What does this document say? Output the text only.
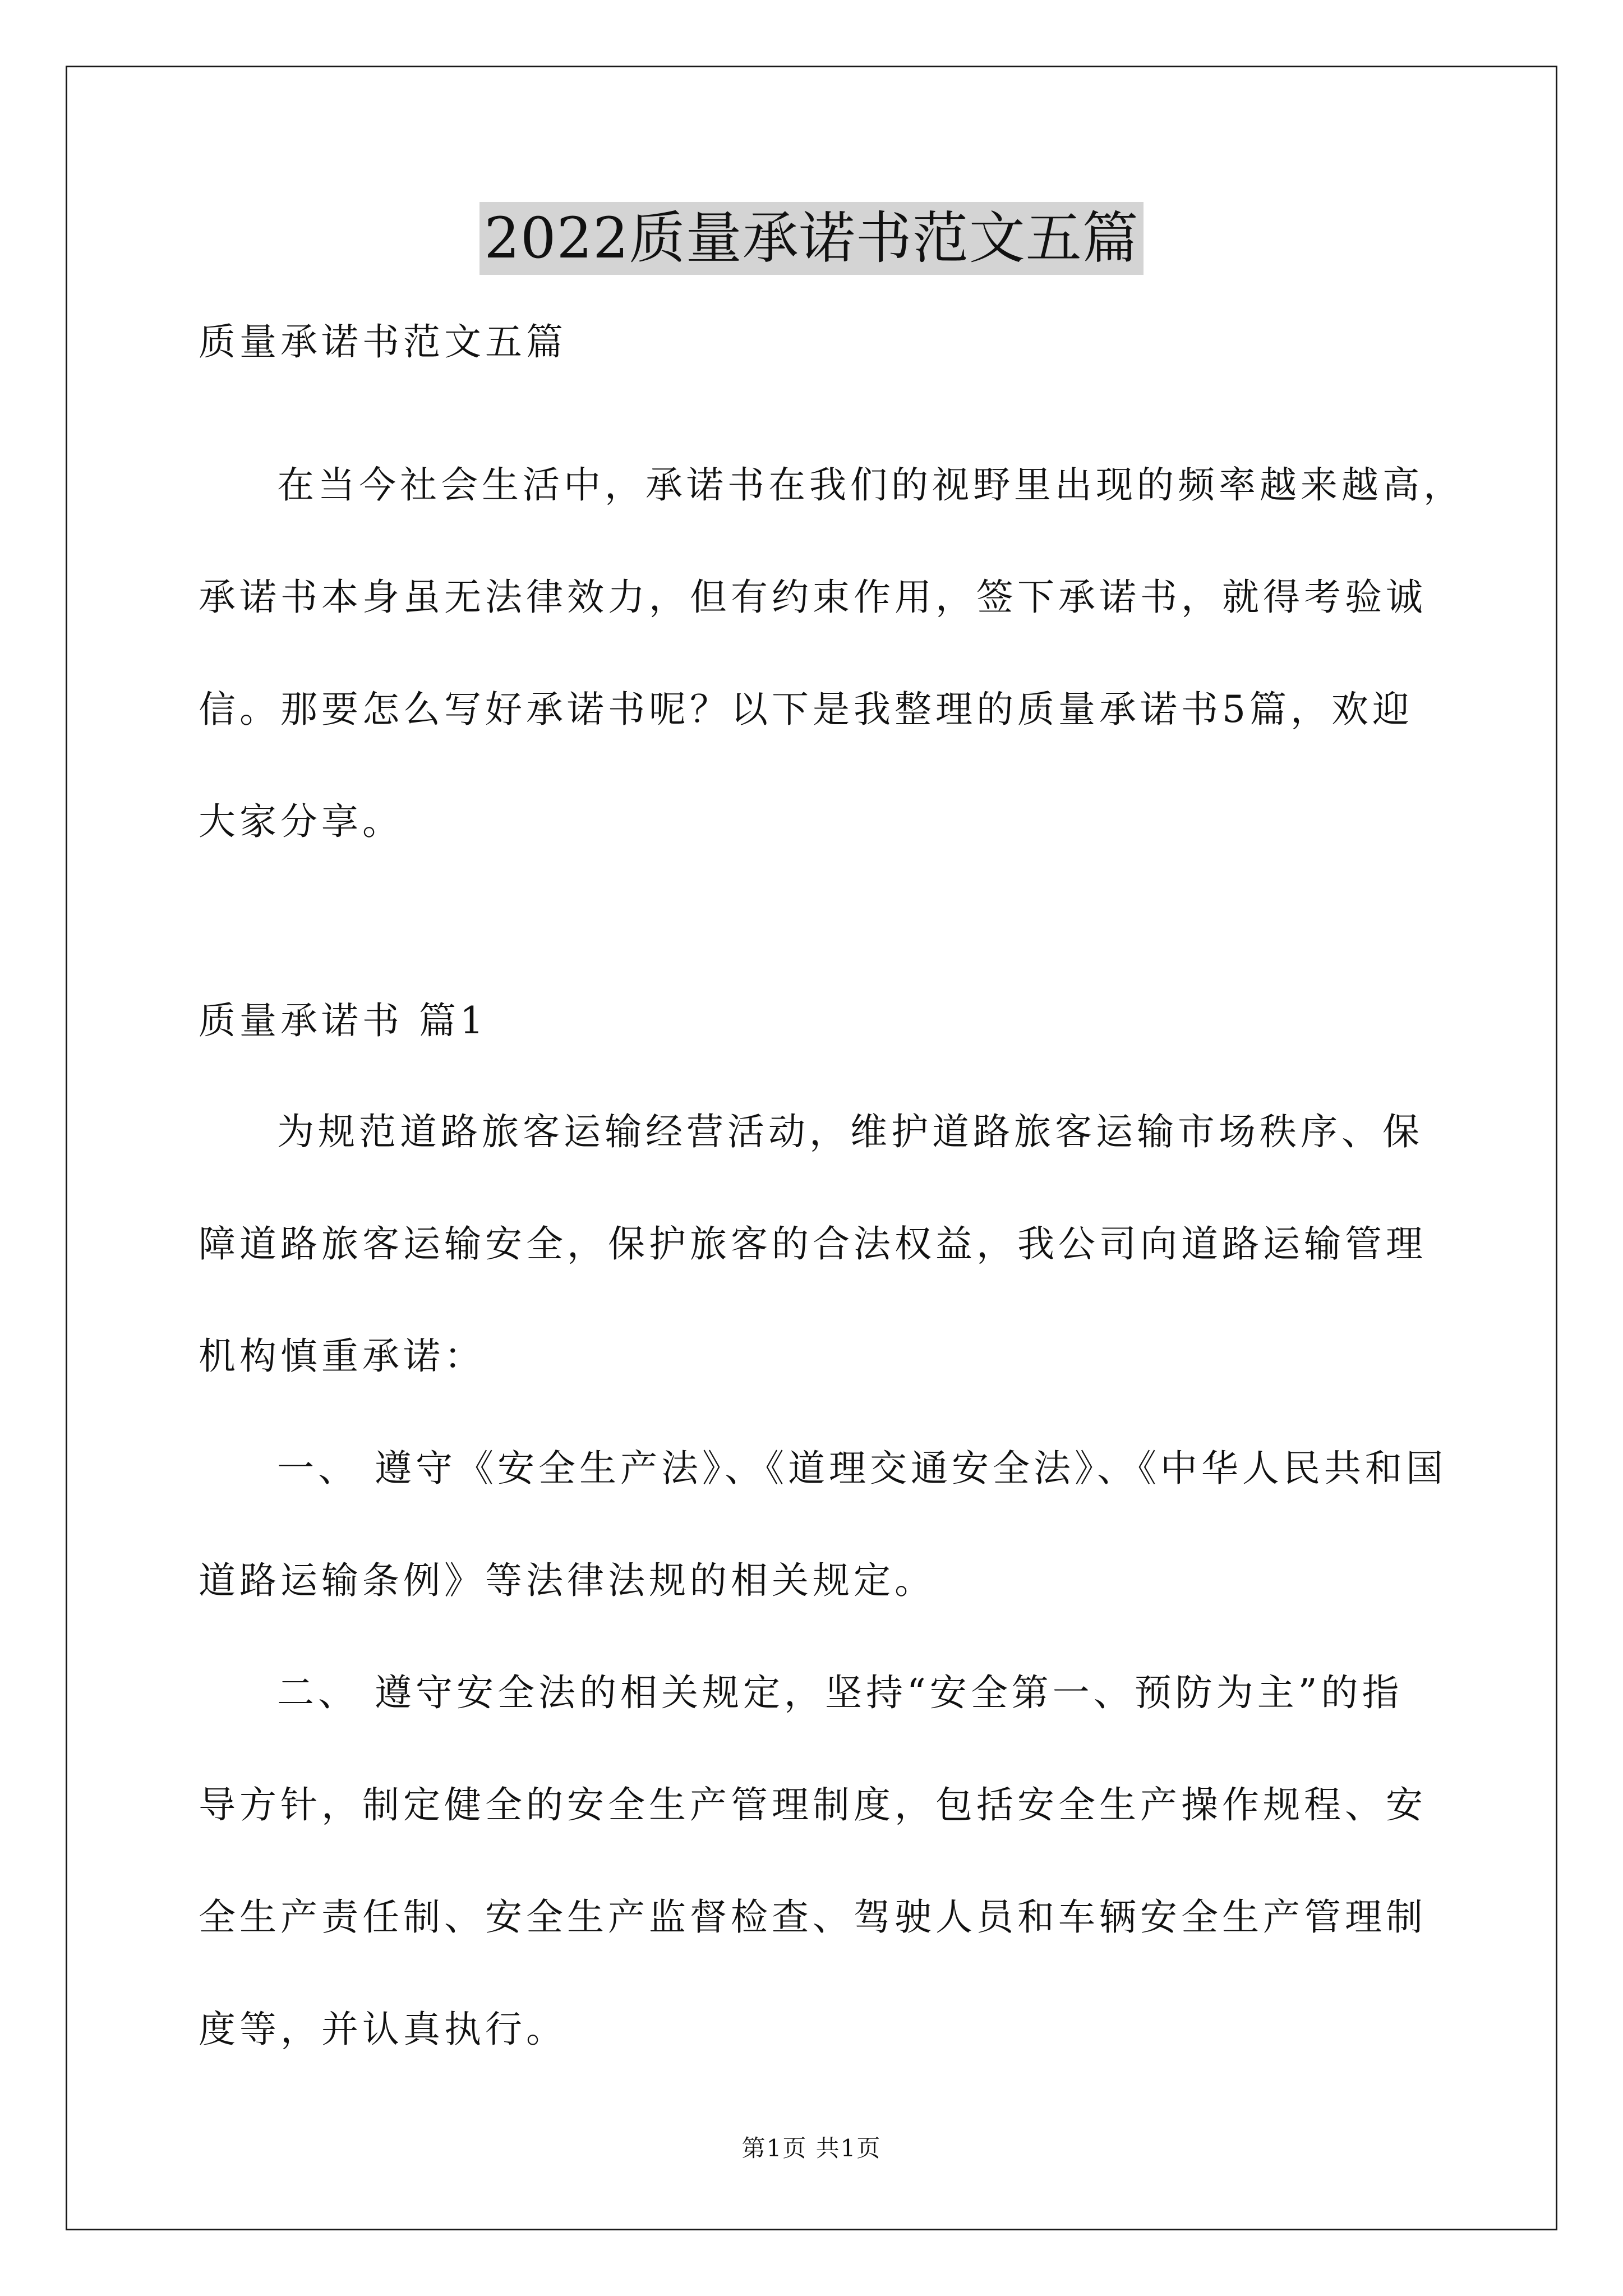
2022质量承诺书范文五篇
质量承诺书范文五篇
在当今社会生活中，承诺书在我们的视野里出现的频率越来越高，
承诺书本身虽无法律效力，但有约束作用，签下承诺书，就得考验诚
信。那要怎么写好承诺书呢？以下是我整理的质量承诺书5篇，欢迎
大家分享。
质量承诺书 篇1
为规范道路旅客运输经营活动，维护道路旅客运输市场秩序、保
障道路旅客运输安全，保护旅客的合法权益，我公司向道路运输管理
机构慎重承诺：
一、 遵守《安全生产法》、《道理交通安全法》、《中华人民共和国
道路运输条例》等法律法规的相关规定。
二、 遵守安全法的相关规定，坚持“安全第一、预防为主”的指
导方针，制定健全的安全生产管理制度，包括安全生产操作规程、安
全生产责任制、安全生产监督检查、驾驶人员和车辆安全生产管理制
度等，并认真执行。
第1页 共1页
